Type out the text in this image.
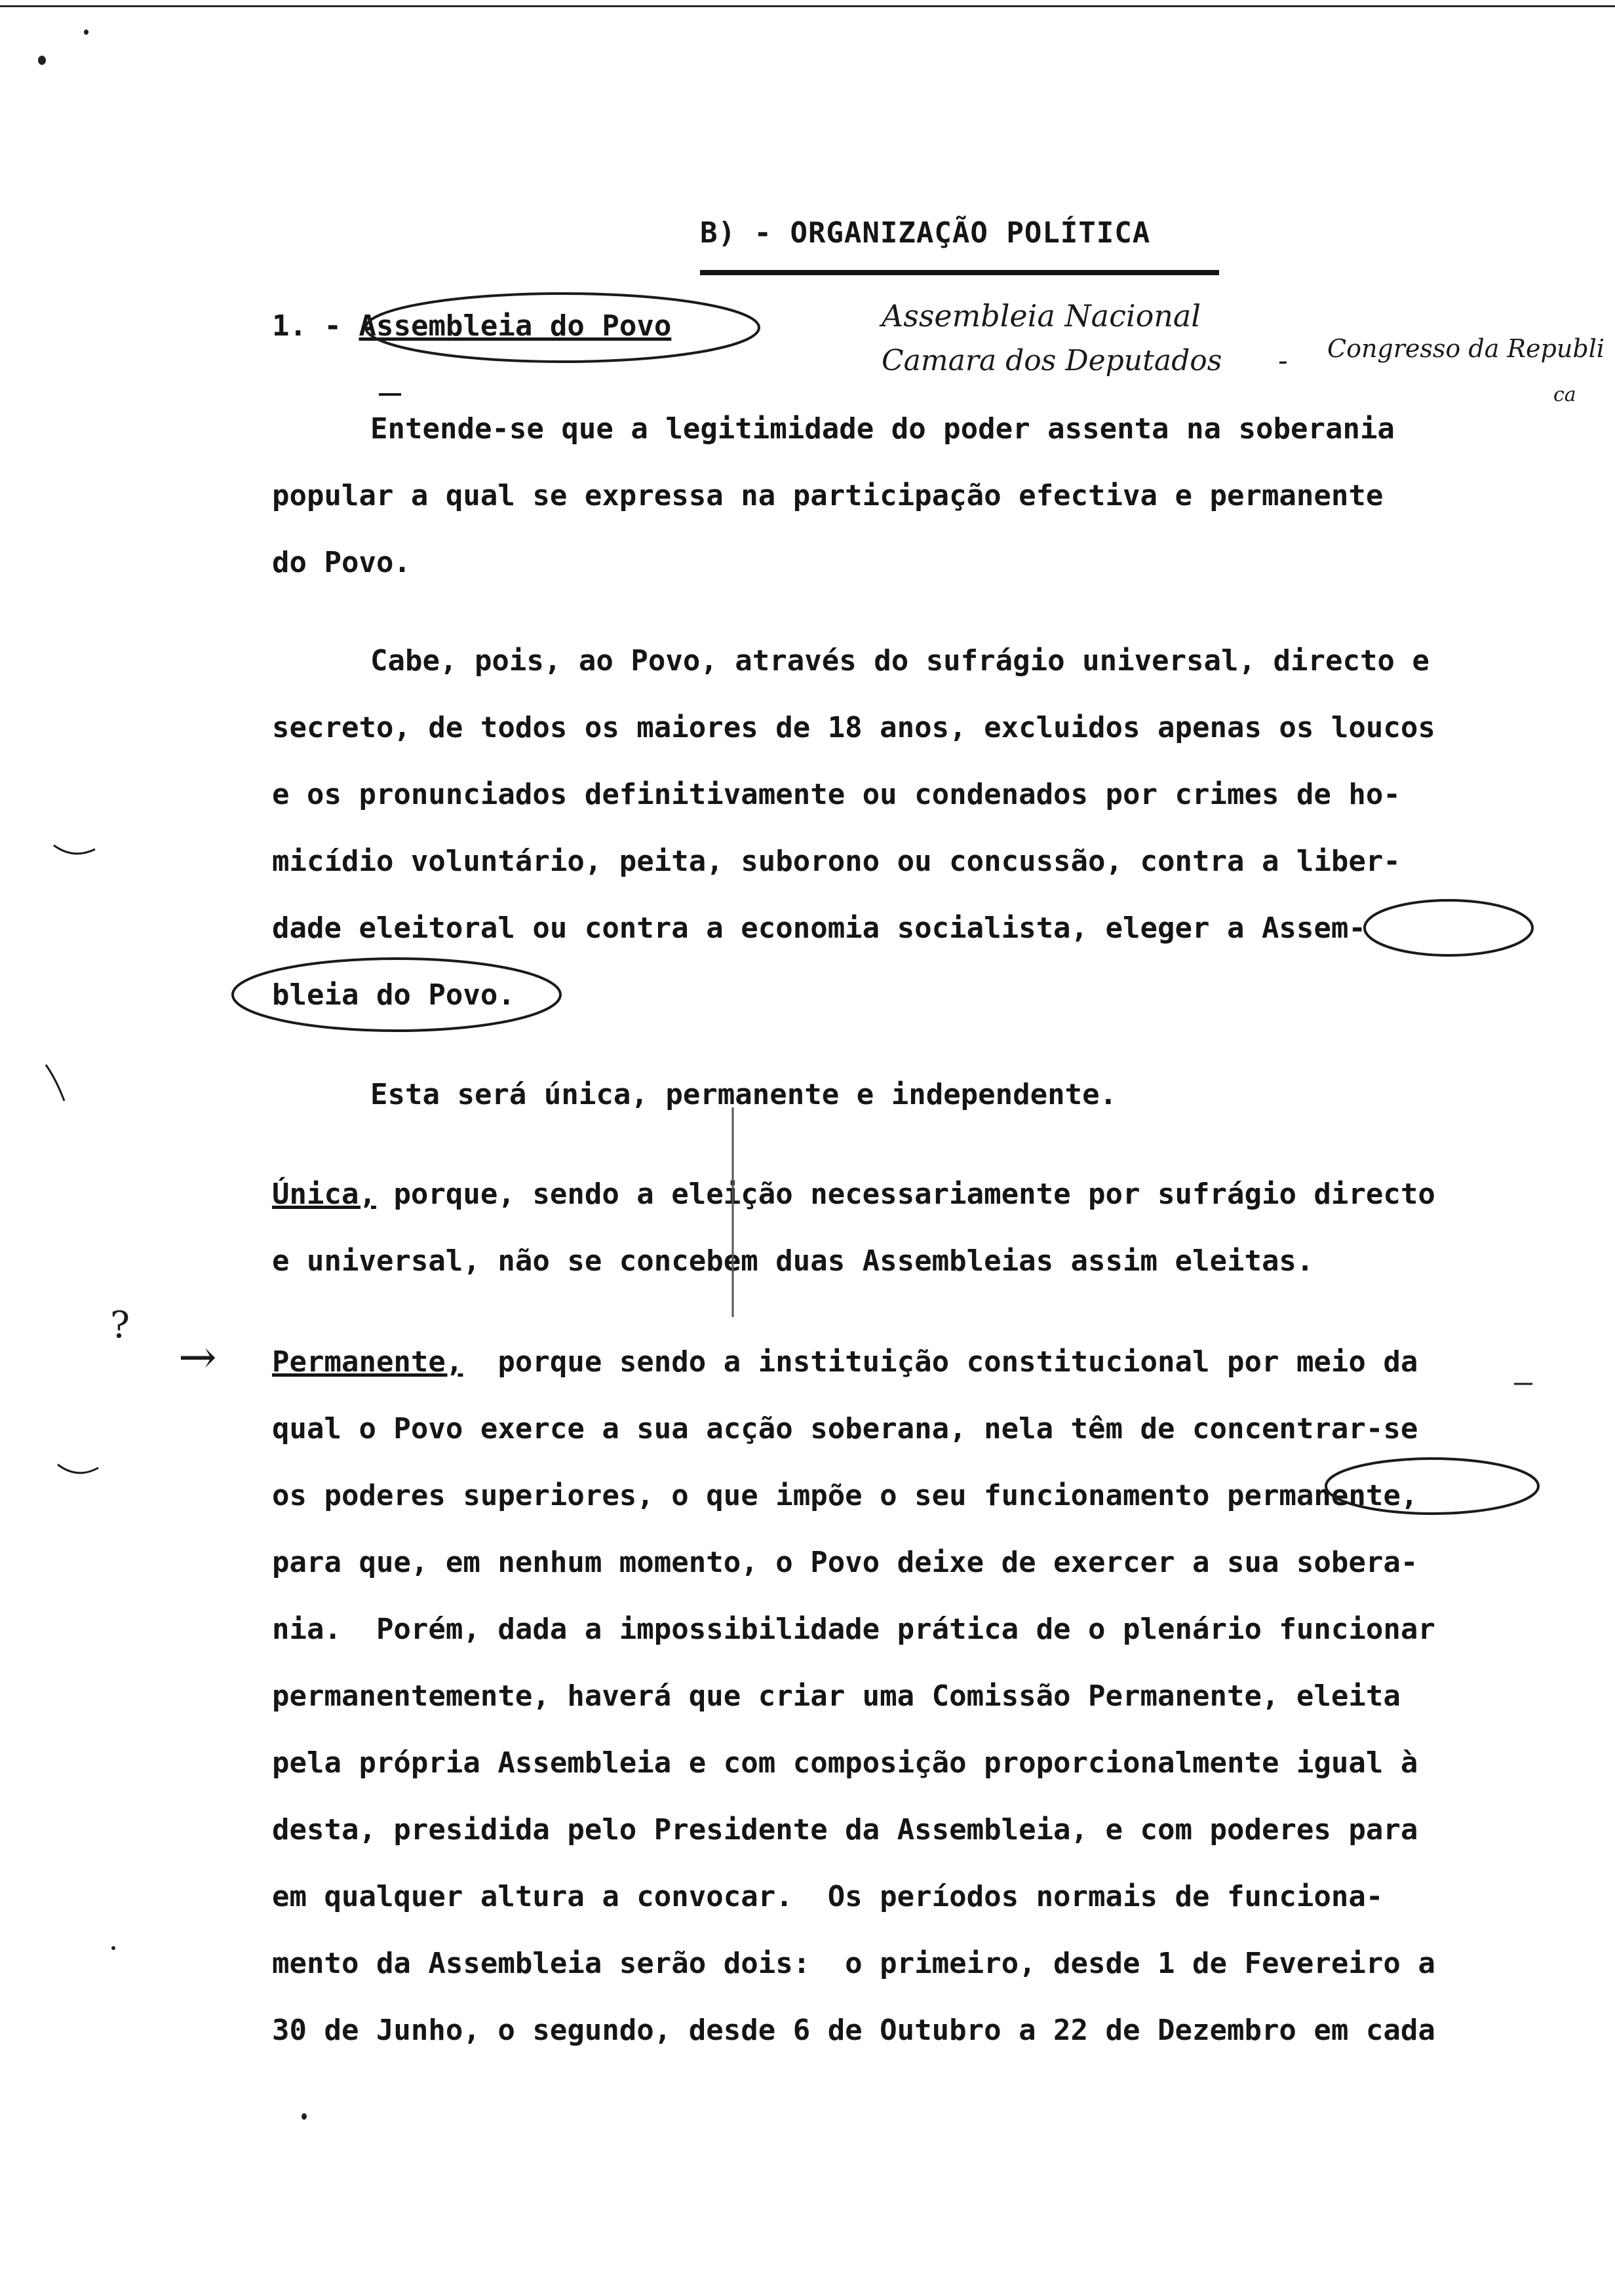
B) - ORGANIZAÇÃO POLÍTICA
1. - Assembleia do Povo	Assembleia Nacional
Camara dos Deputados - Congresso da Republi
ca
?
→

Entende-se que a legitimidade do poder assenta na soberania
popular a qual se expressa na participação efectiva e permanente
do Povo.

Cabe, pois, ao Povo, através do sufrágio universal, directo e
secreto, de todos os maiores de 18 anos, excluidos apenas os loucos
e os pronunciados definitivamente ou condenados por crimes de ho-
micídio voluntário, peita, suborono ou concussão, contra a liber-
dade eleitoral ou contra a economia socialista, eleger a Assem-
bleia do Povo.

Esta será única, permanente e independente.

Única, porque, sendo a eleição necessariamente por sufrágio directo
e universal, não se concebem duas Assembleias assim eleitas.

Permanente,  porque sendo a instituição constitucional por meio da
qual o Povo exerce a sua acção soberana, nela têm de concentrar-se
os poderes superiores, o que impõe o seu funcionamento permanente,
para que, em nenhum momento, o Povo deixe de exercer a sua sobera-
nia.  Porém, dada a impossibilidade prática de o plenário funcionar
permanentemente, haverá que criar uma Comissão Permanente, eleita
pela própria Assembleia e com composição proporcionalmente igual à
desta, presidida pelo Presidente da Assembleia, e com poderes para
em qualquer altura a convocar.  Os períodos normais de funciona-
mento da Assembleia serão dois:  o primeiro, desde 1 de Fevereiro a
30 de Junho, o segundo, desde 6 de Outubro a 22 de Dezembro em cada
